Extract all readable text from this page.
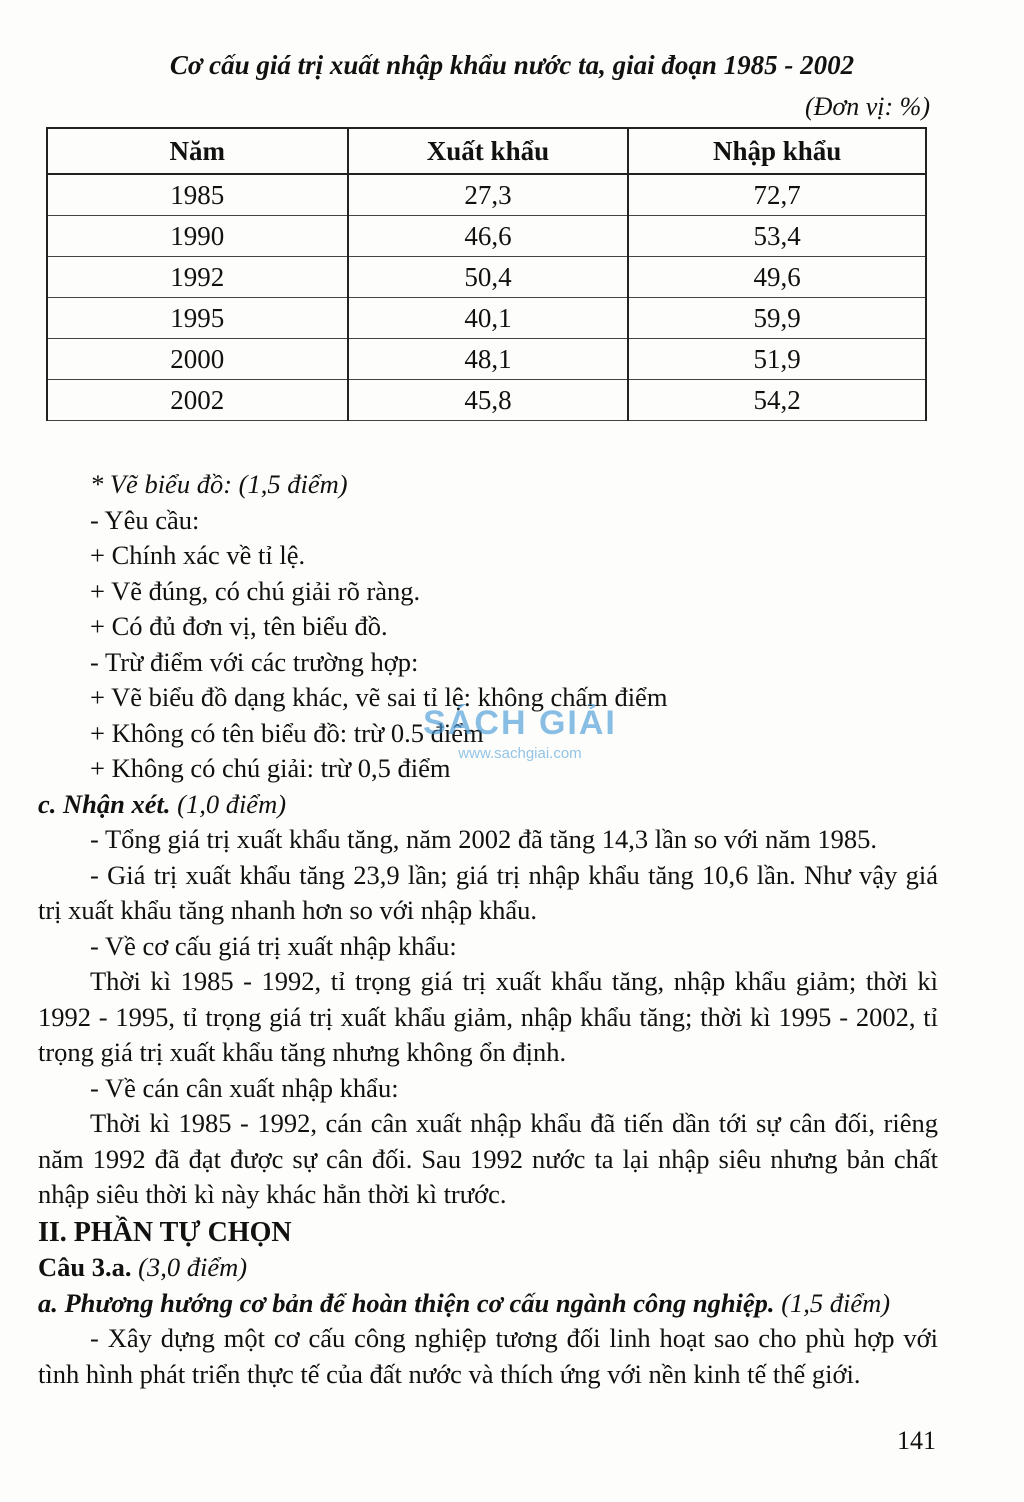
Cơ cấu giá trị xuất nhập khẩu nước ta, giai đoạn 1985 - 2002
(Đơn vị: %)
Năm	Xuất khẩu	Nhập khẩu
1985	27,3	72,7
1990	46,6	53,4
1992	50,4	49,6
1995	40,1	59,9
2000	48,1	51,9
2002	45,8	54,2

* Vẽ biểu đồ: (1,5 điểm)

- Yêu cầu:

+ Chính xác về tỉ lệ.

+ Vẽ đúng, có chú giải rõ ràng.

+ Có đủ đơn vị, tên biểu đồ.

- Trừ điểm với các trường hợp:

+ Vẽ biểu đồ dạng khác, vẽ sai tỉ lệ: không chấm điểm

+ Không có tên biểu đồ: trừ 0.5 điểm

+ Không có chú giải: trừ 0,5 điểm

c. Nhận xét. (1,0 điểm)

- Tổng giá trị xuất khẩu tăng, năm 2002 đã tăng 14,3 lần so với năm 1985.

- Giá trị xuất khẩu tăng 23,9 lần; giá trị nhập khẩu tăng 10,6 lần. Như vậy giá trị xuất khẩu tăng nhanh hơn so với nhập khẩu.

- Về cơ cấu giá trị xuất nhập khẩu:

Thời kì 1985 - 1992, tỉ trọng giá trị xuất khẩu tăng, nhập khẩu giảm; thời kì 1992 - 1995, tỉ trọng giá trị xuất khẩu giảm, nhập khẩu tăng; thời kì 1995 - 2002, tỉ trọng giá trị xuất khẩu tăng nhưng không ổn định.

- Về cán cân xuất nhập khẩu:

Thời kì 1985 - 1992, cán cân xuất nhập khẩu đã tiến dần tới sự cân đối, riêng năm 1992 đã đạt được sự cân đối. Sau 1992 nước ta lại nhập siêu nhưng bản chất nhập siêu thời kì này khác hẳn thời kì trước.

II. PHẦN TỰ CHỌN

Câu 3.a. (3,0 điểm)

a. Phương hướng cơ bản để hoàn thiện cơ cấu ngành công nghiệp. (1,5 điểm)

- Xây dựng một cơ cấu công nghiệp tương đối linh hoạt sao cho phù hợp với tình hình phát triển thực tế của đất nước và thích ứng với nền kinh tế thế giới.

SÁCH GIẢI
www.sachgiai.com
141
